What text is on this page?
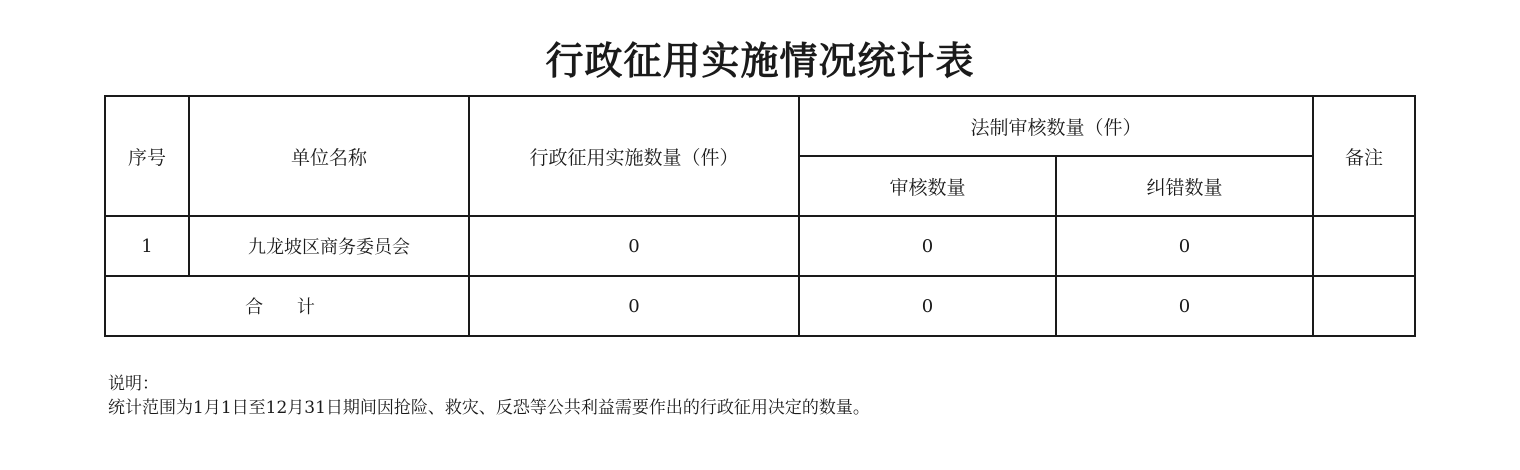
行政征用实施情况统计表
序号	单位名称	行政征用实施数量（件）	法制审核数量（件）		备注
			审核数量	纠错数量	
1	九龙坡区商务委员会	0	0	0	
合 计		0	0	0	
说明：
统计范围为1月1日至12月31日期间因抢险、救灾、反恐等公共利益需要作出的行政征用决定的数量。
